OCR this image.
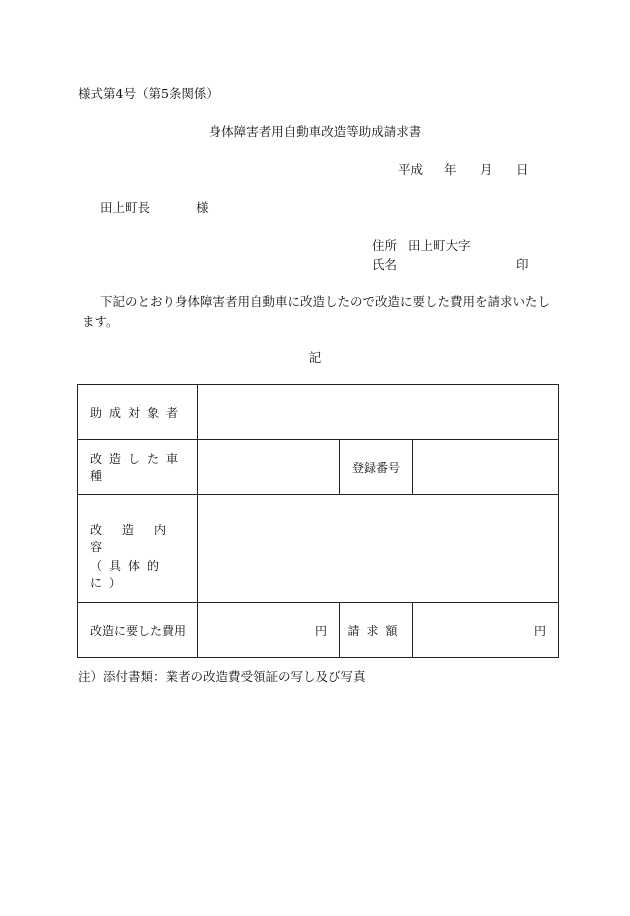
様式第4号（第5条関係）
身体障害者用自動車改造等助成請求書
平成 年 月 日
田上町長	様
住所 田上町大字
氏名	印
下記のとおり身体障害者用自動車に改造したので改造に要した費用を請求いたします。
記
助成対象者			
改造した車種		登録番号	

改造内容
（具体的に）			

改造に要した費用	円	請求額	円
注）添付書類：業者の改造費受領証の写し及び写真
